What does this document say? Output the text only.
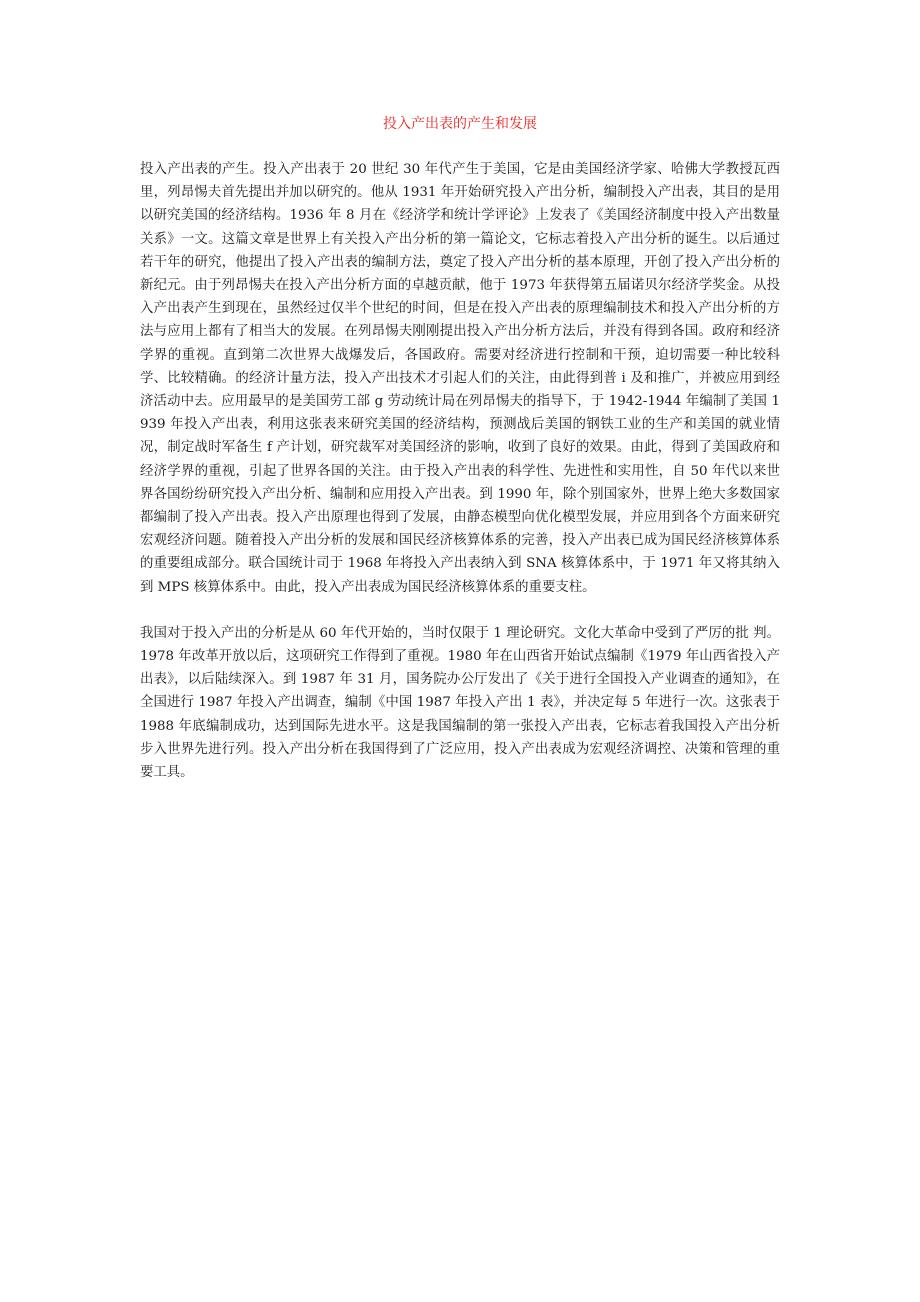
投入产出表的产生和发展

投入产出表的产生。投入产出表于 20 世纪 30 年代产生于美国，它是由美国经济学家、哈佛大学教授瓦西里，列昂惕夫首先提出并加以研究的。他从 1931 年开始研究投入产出分析，编制投入产出表，其目的是用以研究美国的经济结构。1936 年 8 月在《经济学和统计学评论》上发表了《美国经济制度中投入产出数量关系》一文。这篇文章是世界上有关投入产出分析的第一篇论文，它标志着投入产出分析的诞生。以后通过若干年的研究，他提出了投入产出表的编制方法，奠定了投入产出分析的基本原理，开创了投入产出分析的新纪元。由于列昂惕夫在投入产出分析方面的卓越贡献，他于 1973 年获得第五届诺贝尔经济学奖金。从投入产出表产生到现在，虽然经过仅半个世纪的时间，但是在投入产出表的原理编制技术和投入产出分析的方法与应用上都有了相当大的发展。在列昂惕夫刚刚提出投入产出分析方法后，并没有得到各国。政府和经济学界的重视。直到第二次世界大战爆发后，各国政府。需要对经济进行控制和干预，迫切需要一种比较科学、比较精确。的经济计量方法，投入产出技术才引起人们的关注，由此得到普 i 及和推广，并被应用到经济活动中去。应用最早的是美国劳工部 g 劳动统计局在列昂惕夫的指导下，于 1942-1944 年编制了美国 1939 年投入产出表，利用这张表来研究美国的经济结构，预测战后美国的钢铁工业的生产和美国的就业情况，制定战时军备生 f 产计划，研究裁军对美国经济的影响，收到了良好的效果。由此，得到了美国政府和经济学界的重视，引起了世界各国的关注。由于投入产出表的科学性、先进性和实用性，自 50 年代以来世界各国纷纷研究投入产出分析、编制和应用投入产出表。到 1990 年，除个别国家外，世界上绝大多数国家都编制了投入产出表。投入产出原理也得到了发展，由静态模型向优化模型发展，并应用到各个方面来研究宏观经济问题。随着投入产出分析的发展和国民经济核算体系的完善，投入产出表已成为国民经济核算体系的重要组成部分。联合国统计司于 1968 年将投入产出表纳入到 SNA 核算体系中，于 1971 年又将其纳入到 MPS 核算体系中。由此，投入产出表成为国民经济核算体系的重要支柱。

我国对于投入产出的分析是从 60 年代开始的，当时仅限于 1 理论研究。文化大革命中受到了严厉的批 判。1978 年改革开放以后，这项研究工作得到了重视。1980 年在山西省开始试点编制《1979 年山西省投入产出表》，以后陆续深入。到 1987 年 31 月，国务院办公厅发出了《关于进行全国投入产业调查的通知》，在全国进行 1987 年投入产出调查，编制《中国 1987 年投入产出 1 表》，并决定每 5 年进行一次。这张表于 1988 年底编制成功，达到国际先进水平。这是我国编制的第一张投入产出表，它标志着我国投入产出分析步入世界先进行列。投入产出分析在我国得到了广泛应用，投入产出表成为宏观经济调控、决策和管理的重要工具。
